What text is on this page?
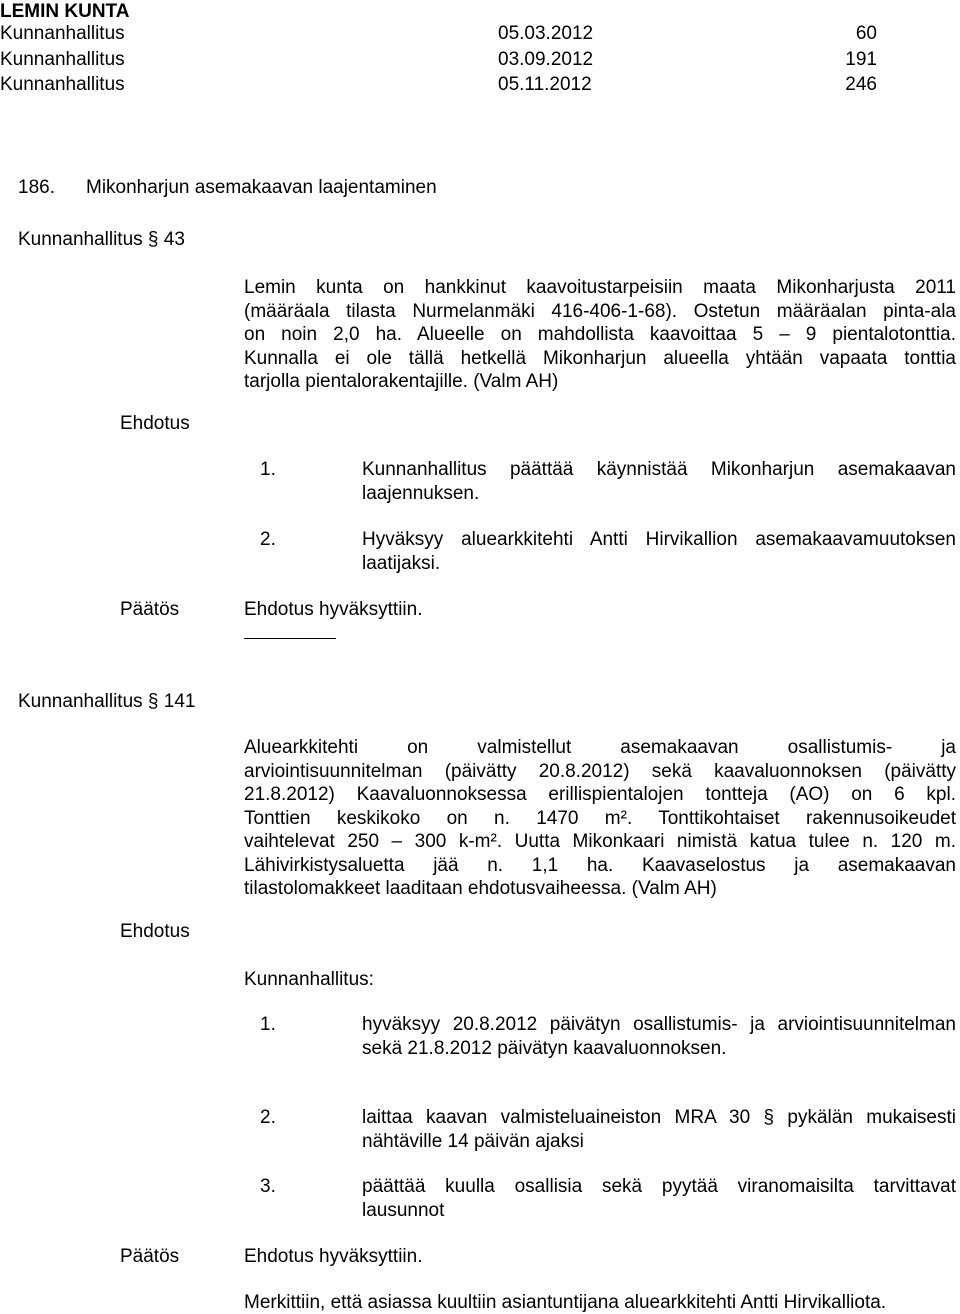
LEMIN KUNTA
Kunnanhallitus	05.03.2012	60
Kunnanhallitus	03.09.2012	191
Kunnanhallitus	05.11.2012	246
186. Mikonharjun asemakaavan laajentaminen
Kunnanhallitus § 43
Lemin kunta on hankkinut kaavoitustarpeisiin maata Mikonharjusta 2011
(määräala tilasta Nurmelanmäki 416-406-1-68). Ostetun määräalan pinta-ala
on noin 2,0 ha. Alueelle on mahdollista kaavoittaa 5 – 9 pientalotonttia.
Kunnalla ei ole tällä hetkellä Mikonharjun alueella yhtään vapaata tonttia
tarjolla pientalorakentajille. (Valm AH)
Ehdotus
1.	Kunnanhallitus päättää käynnistää Mikonharjun asemakaavan laajennuksen.
2.	Hyväksyy aluearkkitehti Antti Hirvikallion asemakaavamuutoksen laatijaksi.
Päätös	Ehdotus hyväksyttiin.
Kunnanhallitus § 141
Aluearkkitehti on valmistellut asemakaavan osallistumis- ja
arviointisuunnitelman (päivätty 20.8.2012) sekä kaavaluonnoksen (päivätty
21.8.2012) Kaavaluonnoksessa erillispientalojen tontteja (AO) on 6 kpl.
Tonttien keskikoko on n. 1470 m². Tonttikohtaiset rakennusoikeudet
vaihtelevat 250 – 300 k-m². Uutta Mikonkaari nimistä katua tulee n. 120 m.
Lähivirkistysaluetta jää n. 1,1 ha. Kaavaselostus ja asemakaavan
tilastolomakkeet laaditaan ehdotusvaiheessa. (Valm AH)
Ehdotus
Kunnanhallitus:
1.	hyväksyy 20.8.2012 päivätyn osallistumis- ja arviointisuunnitelman sekä 21.8.2012 päivätyn kaavaluonnoksen.
2.	laittaa kaavan valmisteluaineiston MRA 30 § pykälän mukaisesti nähtäville 14 päivän ajaksi
3.	päättää kuulla osallisia sekä pyytää viranomaisilta tarvittavat lausunnot
Päätös	Ehdotus hyväksyttiin.
Merkittiin, että asiassa kuultiin asiantuntijana aluearkkitehti Antti Hirvikalliota.
